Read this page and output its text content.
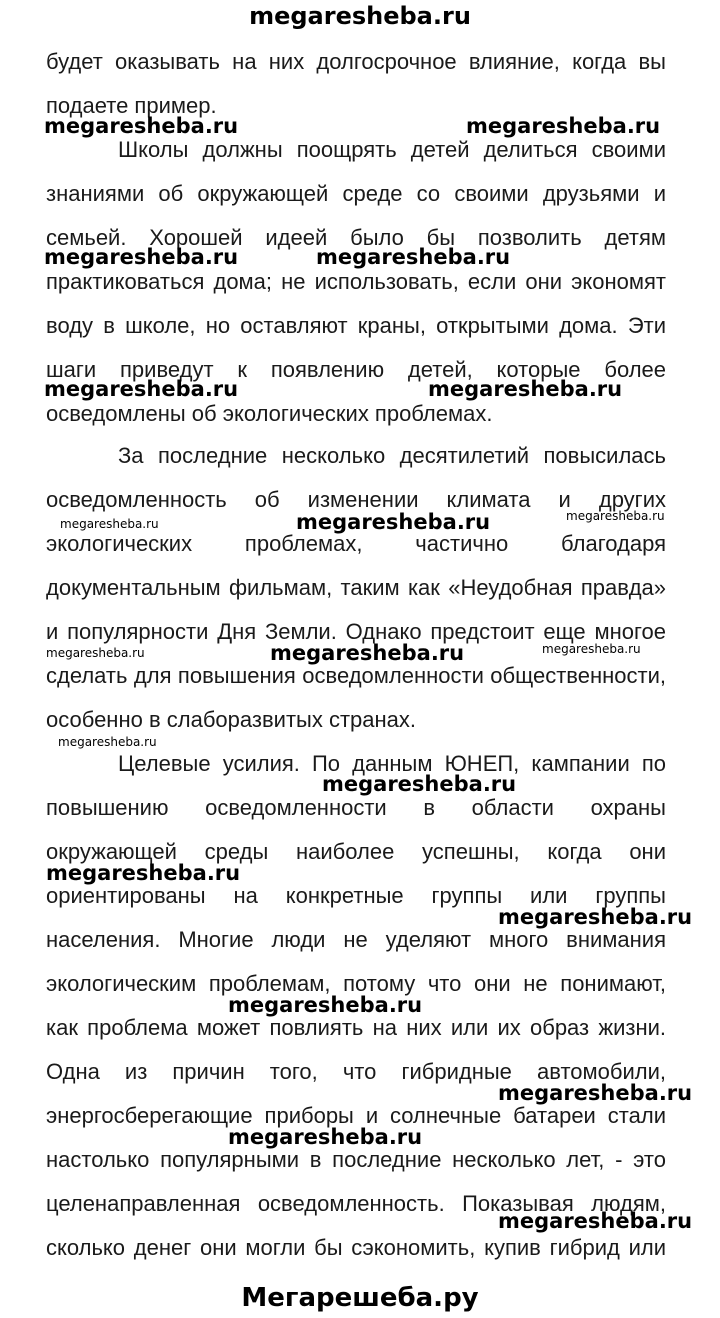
megaresheba.ru
будет оказывать на них долгосрочное влияние, когда вы
подаете пример.
Школы должны поощрять детей делиться своими
знаниями об окружающей среде со своими друзьями и
семьей. Хорошей идеей было бы позволить детям
практиковаться дома; не использовать, если они экономят
воду в школе, но оставляют краны, открытыми дома. Эти
шаги приведут к появлению детей, которые более
осведомлены об экологических проблемах.
За последние несколько десятилетий повысилась
осведомленность об изменении климата и других
экологических проблемах, частично благодаря
документальным фильмам, таким как «Неудобная правда»
и популярности Дня Земли. Однако предстоит еще многое
сделать для повышения осведомленности общественности,
особенно в слаборазвитых странах.
Целевые усилия. По данным ЮНЕП, кампании по
повышению осведомленности в области охраны
окружающей среды наиболее успешны, когда они
ориентированы на конкретные группы или группы
населения. Многие люди не уделяют много внимания
экологическим проблемам, потому что они не понимают,
как проблема может повлиять на них или их образ жизни.
Одна из причин того, что гибридные автомобили,
энергосберегающие приборы и солнечные батареи стали
настолько популярными в последние несколько лет, - это
целенаправленная осведомленность. Показывая людям,
сколько денег они могли бы сэкономить, купив гибрид или
megaresheba.ru	megaresheba.ru
megaresheba.ru	megaresheba.ru
megaresheba.ru	megaresheba.ru
megaresheba.ru	megaresheba.ru	megaresheba.ru
megaresheba.ru	megaresheba.ru	megaresheba.ru
megaresheba.ru
megaresheba.ru
megaresheba.ru
megaresheba.ru
megaresheba.ru
megaresheba.ru
megaresheba.ru
megaresheba.ru
Мегарешеба.ру
